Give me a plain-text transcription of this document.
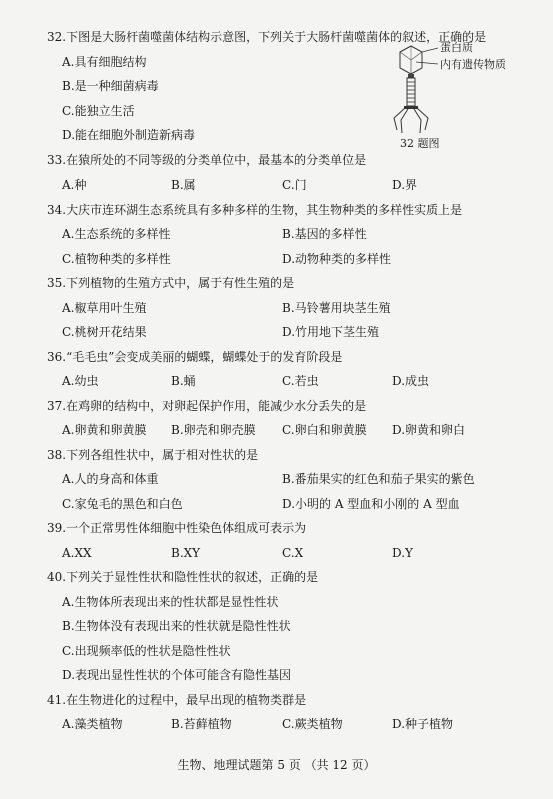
32.下图是大肠杆菌噬菌体结构示意图，下列关于大肠杆菌噬菌体的叙述，正确的是
A.具有细胞结构
B.是一种细菌病毒
C.能独立生活
D.能在细胞外制造新病毒
蛋白质
内有遗传物质
32 题图
33.在猿所处的不同等级的分类单位中，最基本的分类单位是
A.种	B.属	C.门	D.界
34.大庆市连环湖生态系统具有多种多样的生物，其生物种类的多样性实质上是
A.生态系统的多样性	B.基因的多样性
C.植物种类的多样性	D.动物种类的多样性
35.下列植物的生殖方式中，属于有性生殖的是
A.椒草用叶生殖	B.马铃薯用块茎生殖
C.桃树开花结果	D.竹用地下茎生殖
36.“毛毛虫”会变成美丽的蝴蝶，蝴蝶处于的发育阶段是
A.幼虫	B.蛹	C.若虫	D.成虫
37.在鸡卵的结构中，对卵起保护作用，能减少水分丢失的是
A.卵黄和卵黄膜 B.卵壳和卵壳膜 C.卵白和卵黄膜 D.卵黄和卵白
38.下列各组性状中，属于相对性状的是
A.人的身高和体重	B.番茄果实的红色和茄子果实的紫色
C.家兔毛的黑色和白色	D.小明的 A 型血和小刚的 A 型血
39.一个正常男性体细胞中性染色体组成可表示为
A.XX	B.XY	C.X	D.Y
40.下列关于显性性状和隐性性状的叙述，正确的是
A.生物体所表现出来的性状都是显性性状
B.生物体没有表现出来的性状就是隐性性状
C.出现频率低的性状是隐性性状
D.表现出显性性状的个体可能含有隐性基因
41.在生物进化的过程中，最早出现的植物类群是
A.藻类植物	B.苔藓植物	C.蕨类植物	D.种子植物
生物、地理试题第 5 页 （共 12 页）
